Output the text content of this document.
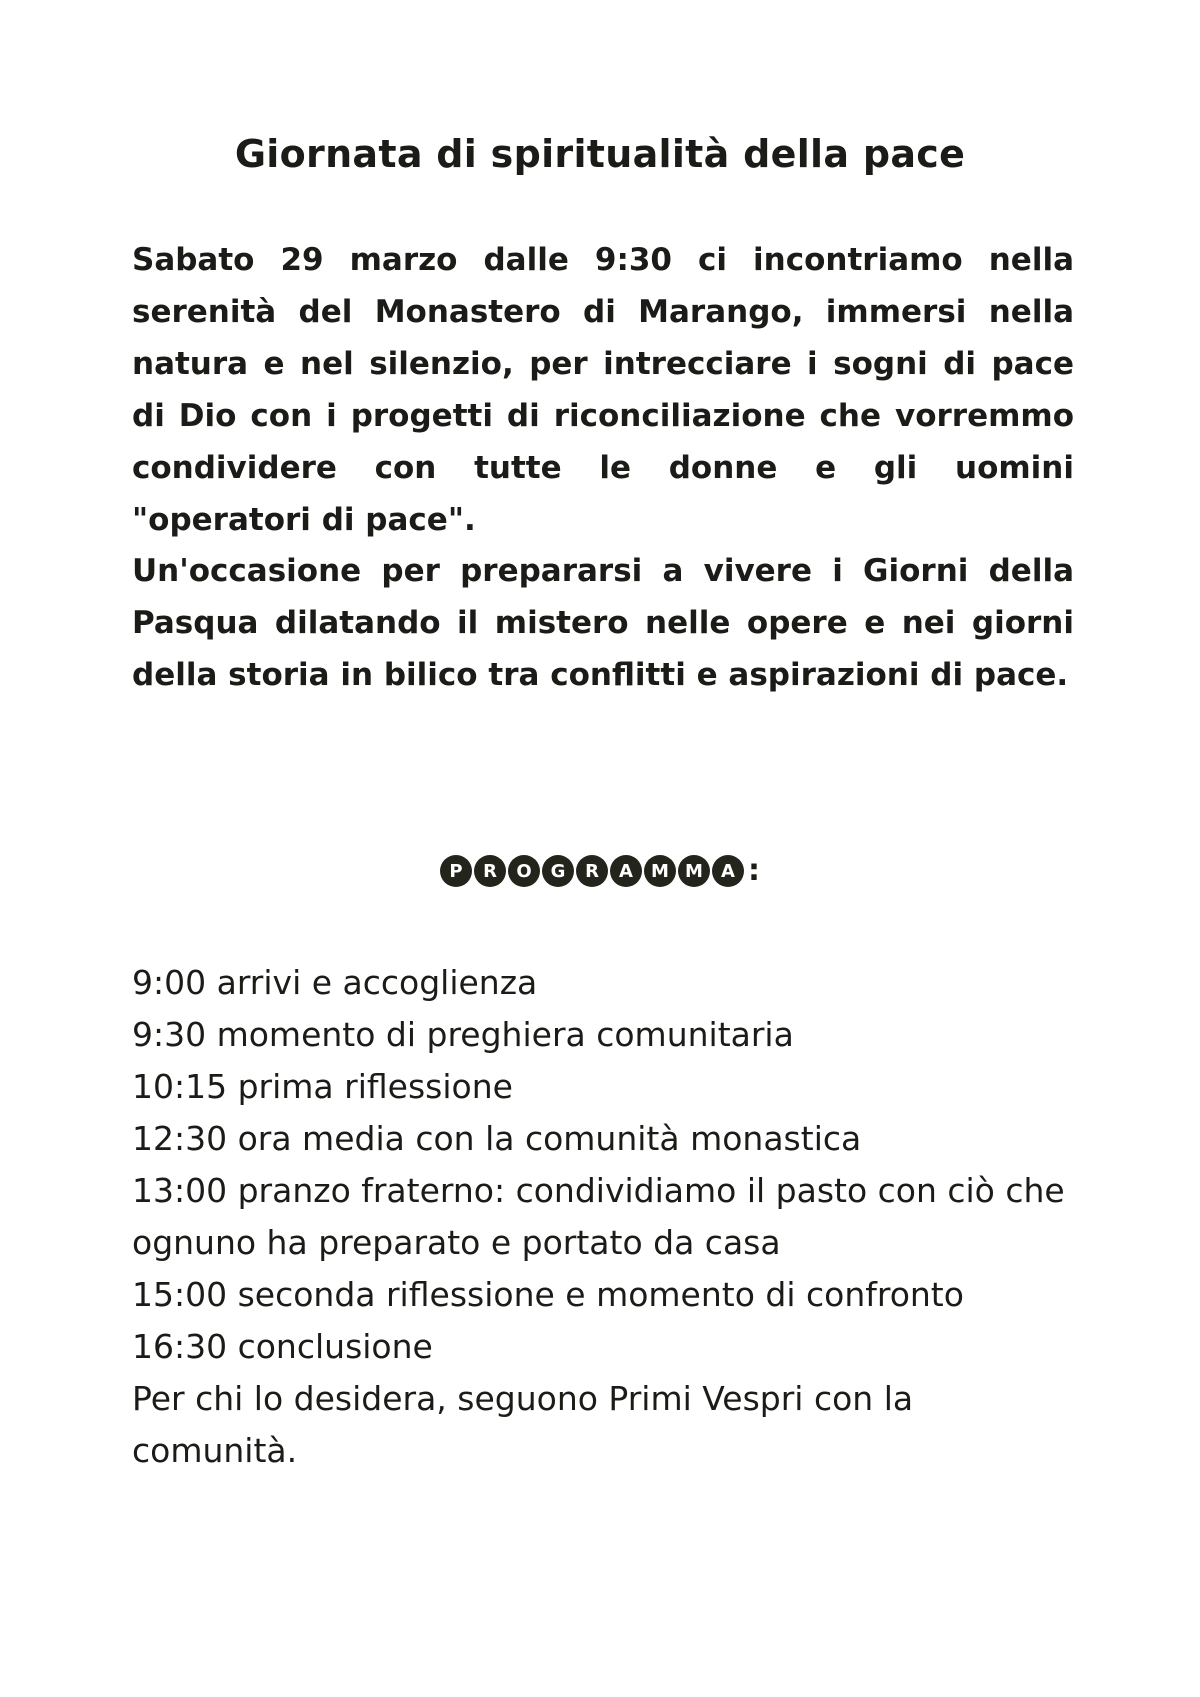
Giornata di spiritualità della pace

Sabato 29 marzo dalle 9:30 ci incontriamo nella serenità del Monastero di Marango, immersi nella natura e nel silenzio, per intrecciare i sogni di pace di Dio con i progetti di riconciliazione che vorremmo condividere con tutte le donne e gli uomini "operatori di pace".

Un'occasione per prepararsi a vivere i Giorni della Pasqua dilatando il mistero nelle opere e nei giorni della storia in bilico tra conflitti e aspirazioni di pace.

P	R	O	G	R	A	M M	A :
9:00 arrivi e accoglienza
9:30 momento di preghiera comunitaria
10:15 prima riflessione
12:30 ora media con la comunità monastica
13:00 pranzo fraterno: condividiamo il pasto con ciò che ognuno ha preparato e portato da casa
15:00 seconda riflessione e momento di confronto
16:30 conclusione
Per chi lo desidera, seguono Primi Vespri con la comunità.
